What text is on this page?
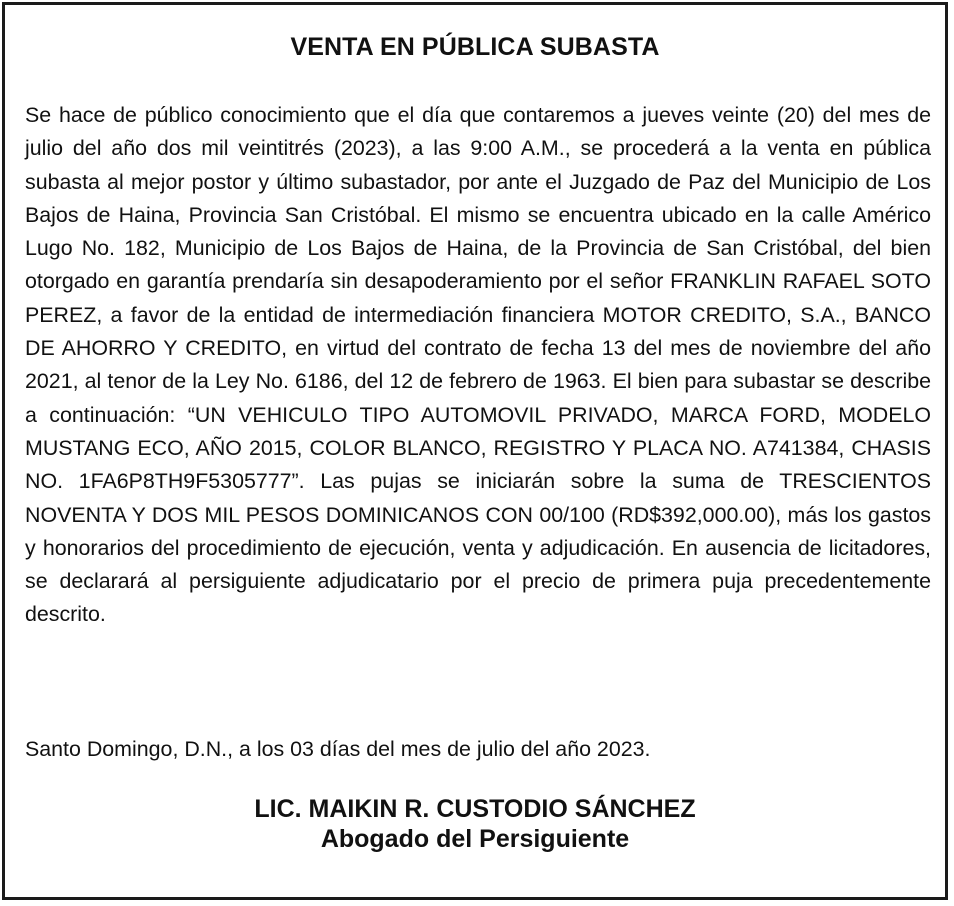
VENTA EN PÚBLICA SUBASTA

Se hace de público conocimiento que el día que contaremos a jueves veinte (20) del mes de julio del año dos mil veintitrés (2023), a las 9:00 A.M., se procederá a la venta en pública subasta al mejor postor y último subastador, por ante el Juzgado de Paz del Municipio de Los Bajos de Haina, Provincia San Cristóbal. El mismo se encuentra ubicado en la calle Américo Lugo No. 182, Municipio de Los Bajos de Haina, de la Provincia de San Cristóbal, del bien otorgado en garantía prendaría sin desapoderamiento por el señor FRANKLIN RAFAEL SOTO PEREZ, a favor de la entidad de intermediación financiera MOTOR CREDITO, S.A., BANCO DE AHORRO Y CREDITO, en virtud del contrato de fecha 13 del mes de noviembre del año 2021, al tenor de la Ley No. 6186, del 12 de febrero de 1963. El bien para subastar se describe a continuación: “UN VEHICULO TIPO AUTOMOVIL PRIVADO, MARCA FORD, MODELO MUSTANG ECO, AÑO 2015, COLOR BLANCO, REGISTRO Y PLACA NO. A741384, CHASIS NO. 1FA6P8TH9F5305777”. Las pujas se iniciarán sobre la suma de TRESCIENTOS NOVENTA Y DOS MIL PESOS DOMINICANOS CON 00/100 (RD$392,000.00), más los gastos y honorarios del procedimiento de ejecución, venta y adjudicación. En ausencia de licitadores, se declarará al persiguiente adjudicatario por el precio de primera puja precedentemente descrito.

Santo Domingo, D.N., a los 03 días del mes de julio del año 2023.

LIC. MAIKIN R. CUSTODIO SÁNCHEZ
Abogado del Persiguiente
